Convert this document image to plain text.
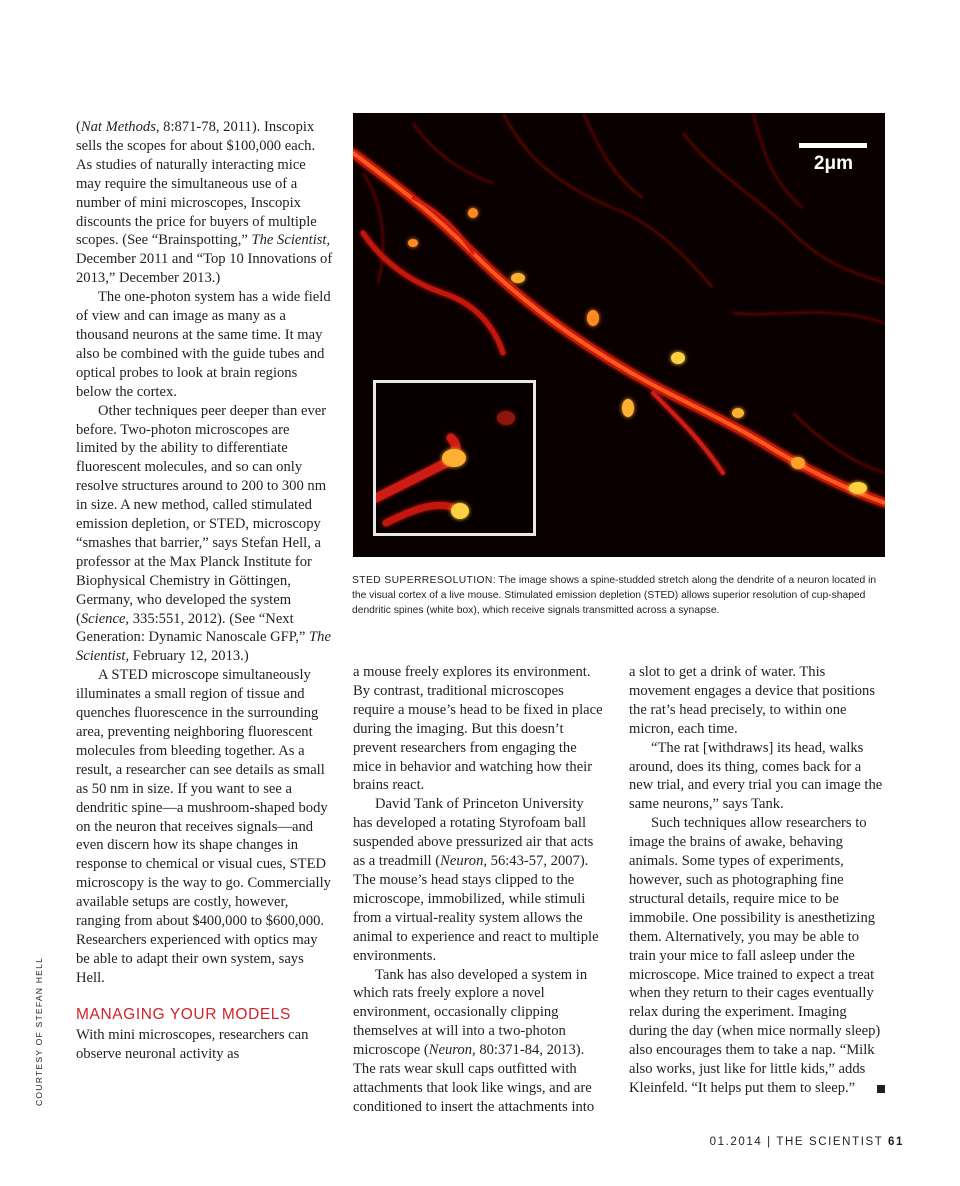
(Nat Methods, 8:871-78, 2011). Inscopix sells the scopes for about $100,000 each. As studies of naturally interacting mice may require the simultaneous use of a number of mini microscopes, Inscopix discounts the price for buyers of multiple scopes. (See “Brainspotting,” The Scientist, December 2011 and “Top 10 Innovations of 2013,” December 2013.)

The one-photon system has a wide field of view and can image as many as a thousand neurons at the same time. It may also be combined with the guide tubes and optical probes to look at brain regions below the cortex.

Other techniques peer deeper than ever before. Two-photon microscopes are limited by the ability to differentiate fluorescent molecules, and so can only resolve structures around to 200 to 300 nm in size. A new method, called stimulated emission depletion, or STED, microscopy “smashes that barrier,” says Stefan Hell, a professor at the Max Planck Institute for Biophysical Chemistry in Göttingen, Germany, who developed the system (Science, 335:551, 2012). (See “Next Generation: Dynamic Nanoscale GFP,” The Scientist, February 12, 2013.)

A STED microscope simultaneously illuminates a small region of tissue and quenches fluorescence in the surrounding area, preventing neighboring fluorescent molecules from bleeding together. As a result, a researcher can see details as small as 50 nm in size. If you want to see a dendritic spine—a mushroom-shaped body on the neuron that receives signals—and even discern how its shape changes in response to chemical or visual cues, STED microscopy is the way to go. Commercially available setups are costly, however, ranging from about $400,000 to $600,000. Researchers experienced with optics may be able to adapt their own system, says Hell.

MANAGING YOUR MODELS

With mini microscopes, researchers can observe neuronal activity as

2μm
STED SUPERRESOLUTION: The image shows a spine-studded stretch along the dendrite of a neuron located in the visual cortex of a live mouse. Stimulated emission depletion (STED) allows superior resolution of cup-shaped dendritic spines (white box), which receive signals transmitted across a synapse.

a mouse freely explores its environment. By contrast, traditional microscopes require a mouse’s head to be fixed in place during the imaging. But this doesn’t prevent researchers from engaging the mice in behavior and watching how their brains react.

David Tank of Princeton University has developed a rotating Styrofoam ball suspended above pressurized air that acts as a treadmill (Neuron, 56:43-57, 2007). The mouse’s head stays clipped to the microscope, immobilized, while stimuli from a virtual-reality system allows the animal to experience and react to multiple environments.

Tank has also developed a system in which rats freely explore a novel environment, occasionally clipping themselves at will into a two-photon microscope (Neuron, 80:371-84, 2013). The rats wear skull caps outfitted with attachments that look like wings, and are conditioned to insert the attachments into

a slot to get a drink of water. This movement engages a device that positions the rat’s head precisely, to within one micron, each time.

“The rat [withdraws] its head, walks around, does its thing, comes back for a new trial, and every trial you can image the same neurons,” says Tank.

Such techniques allow researchers to image the brains of awake, behaving animals. Some types of experiments, however, such as photographing fine structural details, require mice to be immobile. One possibility is anesthetizing them. Alternatively, you may be able to train your mice to fall asleep under the microscope. Mice trained to expect a treat when they return to their cages eventually relax during the experiment. Imaging during the day (when mice normally sleep) also encourages them to take a nap. “Milk also works, just like for little kids,” adds Kleinfeld. “It helps put them to sleep.”

COURTESY OF STEFAN HELL
01.2014 | THE SCIENTIST 61
